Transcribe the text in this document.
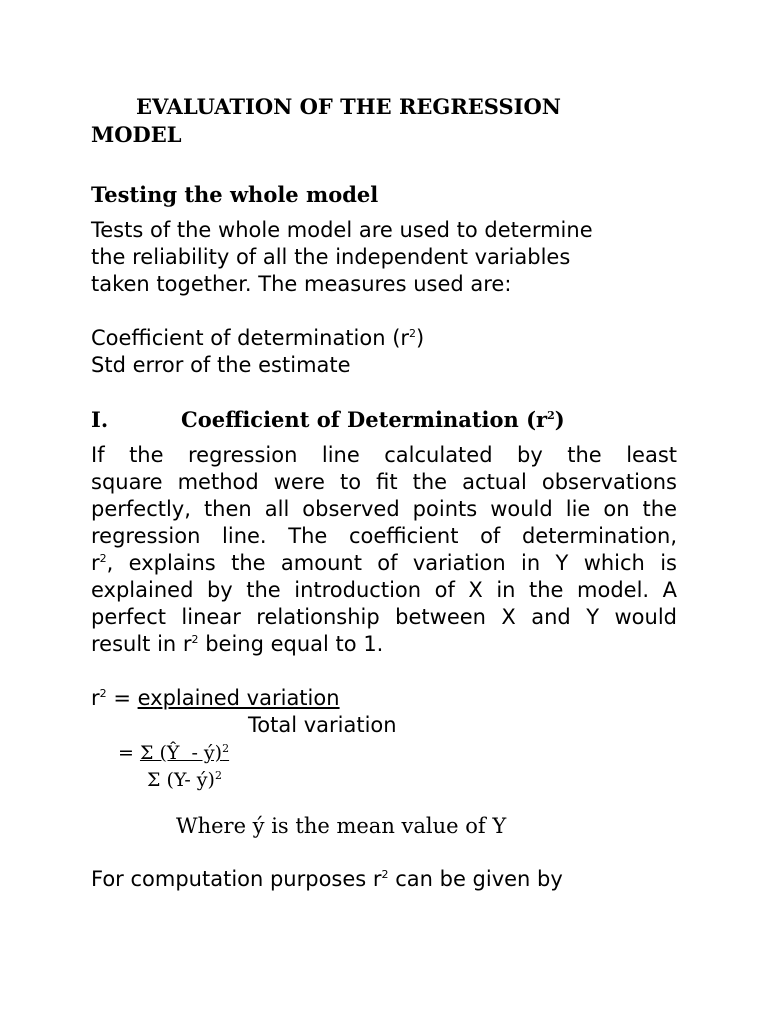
EVALUATION OF THE REGRESSION
MODEL
Testing the whole model
Tests of the whole model are used to determine
the reliability of all the independent variables
taken together. The measures used are:
Coefficient of determination $(r^2)$
Std error of the estimate
I.	Coefficient of Determination $(r^2)$
If the regression line calculated by the least
square method were to fit the actual observations
perfectly, then all observed points would lie on the
regression line. The coefficient of determination,
$r^2$, explains the amount of variation in Y which is
explained by the introduction of X in the model. A
perfect linear relationship between X and Y would
result in $r^2$ being equal to 1.
$r^2$ = explained variation
Total variation
= Σ (Ŷ  - ý)$^2$
Σ (Y- ý)$^2$
Where ý is the mean value of Y
For computation purposes $r^2$ can be given by
